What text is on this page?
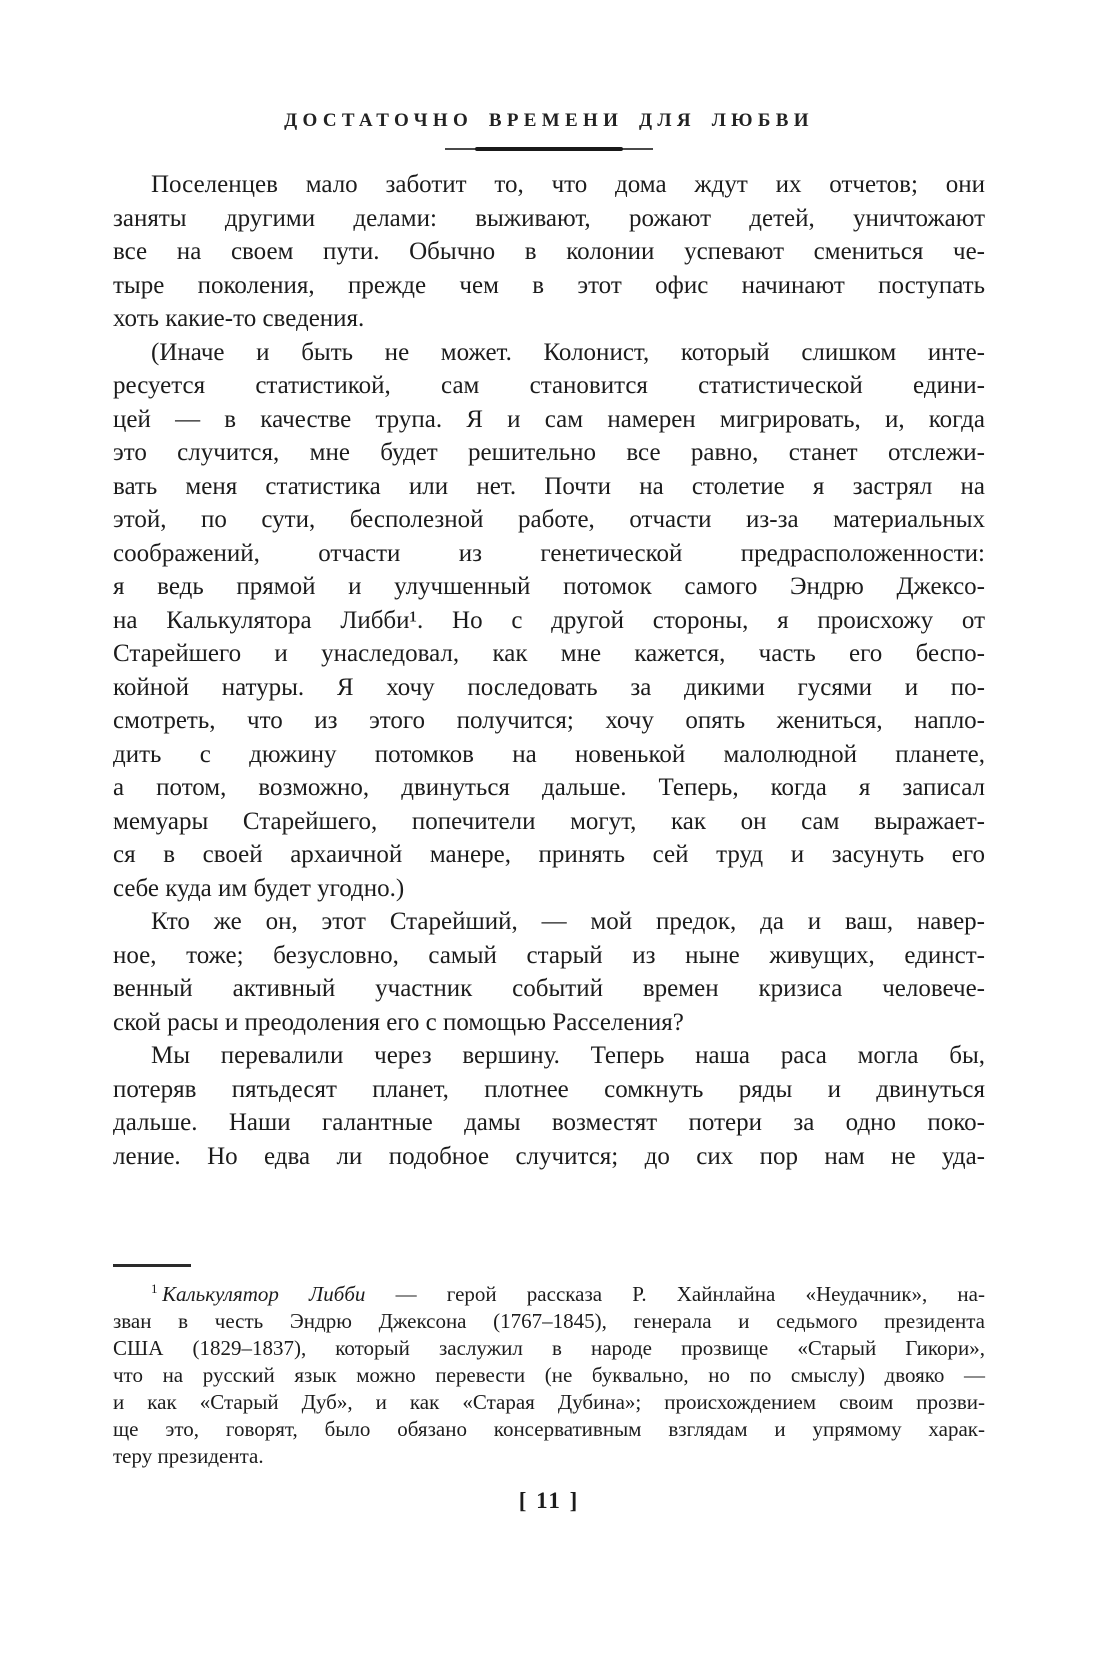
ДОСТАТОЧНО ВРЕМЕНИ ДЛЯ ЛЮБВИ
Поселенцев мало заботит то, что дома ждут их отчетов; они
заняты другими делами: выживают, рожают детей, уничтожают
все на своем пути. Обычно в колонии успевают смениться че-
тыре поколения, прежде чем в этот офис начинают поступать
хоть какие-то сведения.
(Иначе и быть не может. Колонист, который слишком инте-
ресуется статистикой, сам становится статистической едини-
цей — в качестве трупа. Я и сам намерен мигрировать, и, когда
это случится, мне будет решительно все равно, станет отслежи-
вать меня статистика или нет. Почти на столетие я застрял на
этой, по сути, бесполезной работе, отчасти из-за материальных
соображений, отчасти из генетической предрасположенности:
я ведь прямой и улучшенный потомок самого Эндрю Джексо-
на Калькулятора Либби¹. Но с другой стороны, я происхожу от
Старейшего и унаследовал, как мне кажется, часть его беспо-
койной натуры. Я хочу последовать за дикими гусями и по-
смотреть, что из этого получится; хочу опять жениться, напло-
дить с дюжину потомков на новенькой малолюдной планете,
а потом, возможно, двинуться дальше. Теперь, когда я записал
мемуары Старейшего, попечители могут, как он сам выражает-
ся в своей архаичной манере, принять сей труд и засунуть его
себе куда им будет угодно.)
Кто же он, этот Старейший, — мой предок, да и ваш, навер-
ное, тоже; безусловно, самый старый из ныне живущих, единст-
венный активный участник событий времен кризиса человече-
ской расы и преодоления его с помощью Расселения?
Мы перевалили через вершину. Теперь наша раса могла бы,
потеряв пятьдесят планет, плотнее сомкнуть ряды и двинуться
дальше. Наши галантные дамы возместят потери за одно поко-
ление. Но едва ли подобное случится; до сих пор нам не уда-
$^1$ Калькулятор Либби — герой рассказа Р. Хайнлайна «Неудачник», на-
зван в честь Эндрю Джексона (1767–1845), генерала и седьмого президента
США (1829–1837), который заслужил в народе прозвище «Старый Гикори»,
что на русский язык можно перевести (не буквально, но по смыслу) двояко —
и как «Старый Дуб», и как «Старая Дубина»; происхождением своим прозви-
ще это, говорят, было обязано консервативным взглядам и упрямому харак-
теру президента.
[ 11 ]
